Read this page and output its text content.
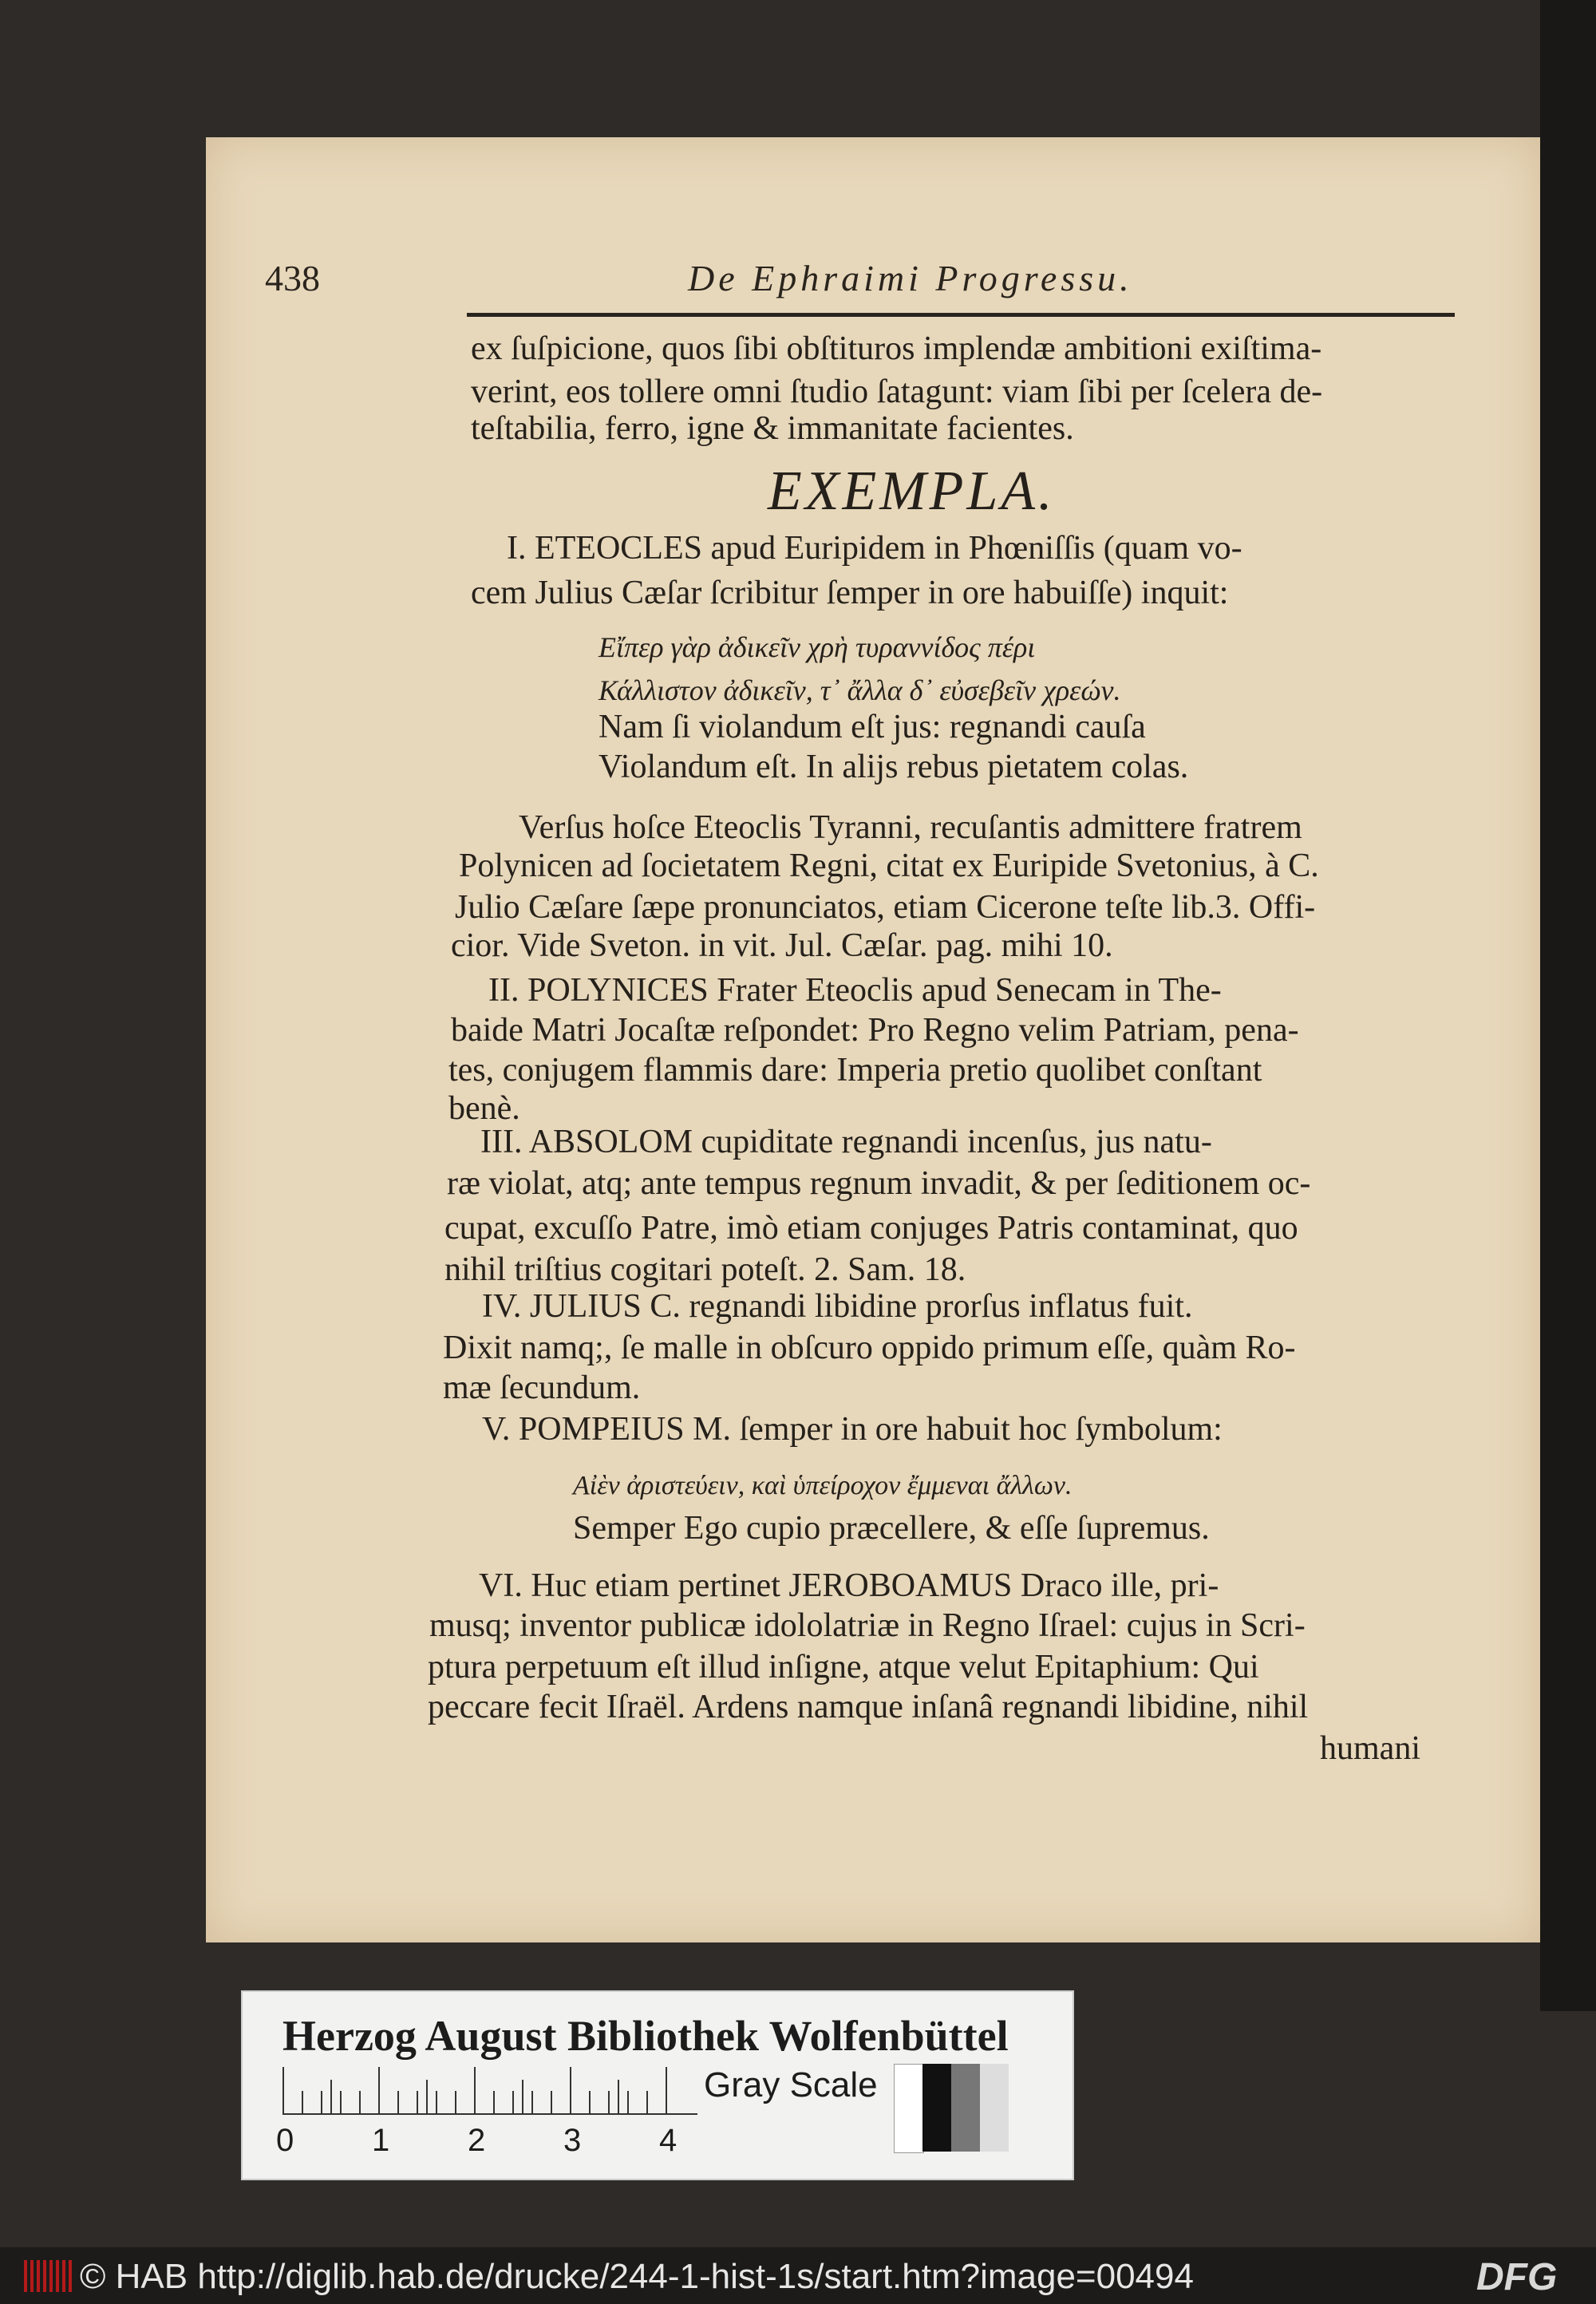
438	De Ephraimi Progressu.
ex ſuſpicione, quos ſibi obſtituros implendæ ambitioni exiſtima-
verint, eos tollere omni ſtudio ſatagunt: viam ſibi per ſcelera de-
teſtabilia, ferro, igne & immanitate facientes.
EXEMPLA.
I. ETEOCLES apud Euripidem in Phœniſſis (quam vo-
cem Julius Cæſar ſcribitur ſemper in ore habuiſſe) inquit:
Εἴπερ γὰρ ἀδικεῖν χρὴ τυραννίδος πέρι
Κάλλιστον ἀδικεῖν, τ᾽ ἄλλα δ᾽ εὐσεβεῖν χρεών.
Nam ſi violandum eſt jus: regnandi cauſa
Violandum eſt. In alijs rebus pietatem colas.
Verſus hoſce Eteoclis Tyranni, recuſantis admittere fratrem
Polynicen ad ſocietatem Regni, citat ex Euripide Svetonius, à C.
Julio Cæſare ſæpe pronunciatos, etiam Cicerone teſte lib.3. Offi-
cior. Vide Sveton. in vit. Jul. Cæſar. pag. mihi 10.
II. POLYNICES Frater Eteoclis apud Senecam in The-
baide Matri Jocaſtæ reſpondet: Pro Regno velim Patriam, pena-
tes, conjugem flammis dare: Imperia pretio quolibet conſtant
benè.
III. ABSOLOM cupiditate regnandi incenſus, jus natu-
ræ violat, atq; ante tempus regnum invadit, & per ſeditionem oc-
cupat, excuſſo Patre, imò etiam conjuges Patris contaminat, quo
nihil triſtius cogitari poteſt. 2. Sam. 18.
IV. JULIUS C. regnandi libidine prorſus inflatus fuit.
Dixit namq;, ſe malle in obſcuro oppido primum eſſe, quàm Ro-
mæ ſecundum.
V. POMPEIUS M. ſemper in ore habuit hoc ſymbolum:
Αἰὲν ἀριστεύειν, καὶ ὑπείροχον ἔμμεναι ἄλλων.
Semper Ego cupio præcellere, & eſſe ſupremus.
VI. Huc etiam pertinet JEROBOAMUS Draco ille, pri-
musq; inventor publicæ idololatriæ in Regno Iſrael: cujus in Scri-
ptura perpetuum eſt illud inſigne, atque velut Epitaphium: Qui
peccare fecit Iſraël. Ardens namque inſanâ regnandi libidine, nihil
humani
Herzog August Bibliothek Wolfenbüttel
0 1 2 3 4
Gray Scale
© HAB http://diglib.hab.de/drucke/244-1-hist-1s/start.htm?image=00494	DFG
